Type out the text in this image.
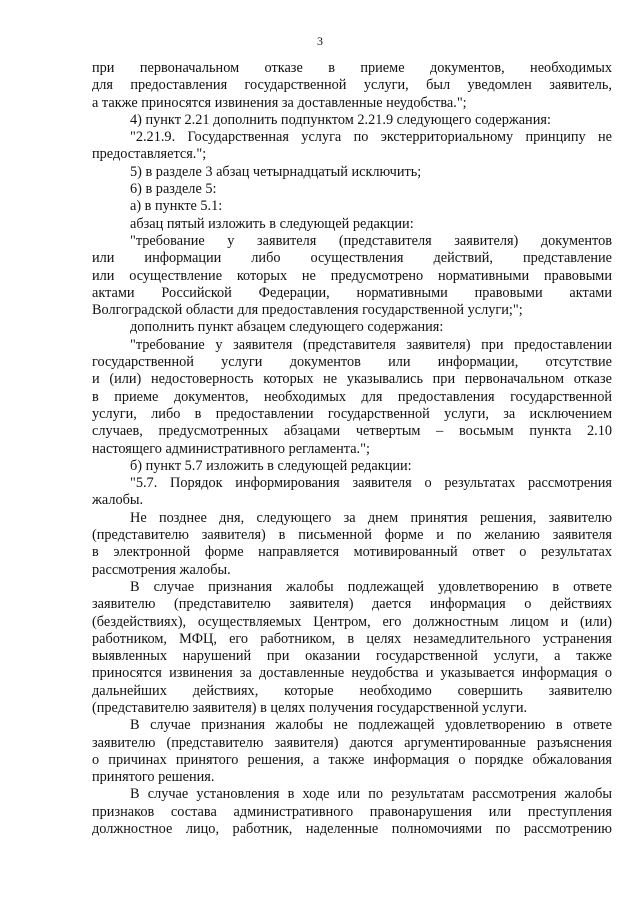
3
при первоначальном отказе в приеме документов, необходимых
для предоставления государственной услуги, был уведомлен заявитель,
а также приносятся извинения за доставленные неудобства.";
4) пункт 2.21 дополнить подпунктом 2.21.9 следующего содержания:
"2.21.9. Государственная услуга по экстерриториальному принципу не
предоставляется.";
5) в разделе 3 абзац четырнадцатый исключить;
6) в разделе 5:
а) в пункте 5.1:
абзац пятый изложить в следующей редакции:
"требование у заявителя (представителя заявителя) документов
или информации либо осуществления действий, представление
или осуществление которых не предусмотрено нормативными правовыми
актами Российской Федерации, нормативными правовыми актами
Волгоградской области для предоставления государственной услуги;";
дополнить пункт абзацем следующего содержания:
"требование у заявителя (представителя заявителя) при предоставлении
государственной услуги документов или информации, отсутствие
и (или) недостоверность которых не указывались при первоначальном отказе
в приеме документов, необходимых для предоставления государственной
услуги, либо в предоставлении государственной услуги, за исключением
случаев, предусмотренных абзацами четвертым – восьмым пункта 2.10
настоящего административного регламента.";
б) пункт 5.7 изложить в следующей редакции:
"5.7. Порядок информирования заявителя о результатах рассмотрения
жалобы.
Не позднее дня, следующего за днем принятия решения, заявителю
(представителю заявителя) в письменной форме и по желанию заявителя
в электронной форме направляется мотивированный ответ о результатах
рассмотрения жалобы.
В случае признания жалобы подлежащей удовлетворению в ответе
заявителю (представителю заявителя) дается информация о действиях
(бездействиях), осуществляемых Центром, его должностным лицом и (или)
работником, МФЦ, его работником, в целях незамедлительного устранения
выявленных нарушений при оказании государственной услуги, а также
приносятся извинения за доставленные неудобства и указывается информация о
дальнейших действиях, которые необходимо совершить заявителю
(представителю заявителя) в целях получения государственной услуги.
В случае признания жалобы не подлежащей удовлетворению в ответе
заявителю (представителю заявителя) даются аргументированные разъяснения
о причинах принятого решения, а также информация о порядке обжалования
принятого решения.
В случае установления в ходе или по результатам рассмотрения жалобы
признаков состава административного правонарушения или преступления
должностное лицо, работник, наделенные полномочиями по рассмотрению
